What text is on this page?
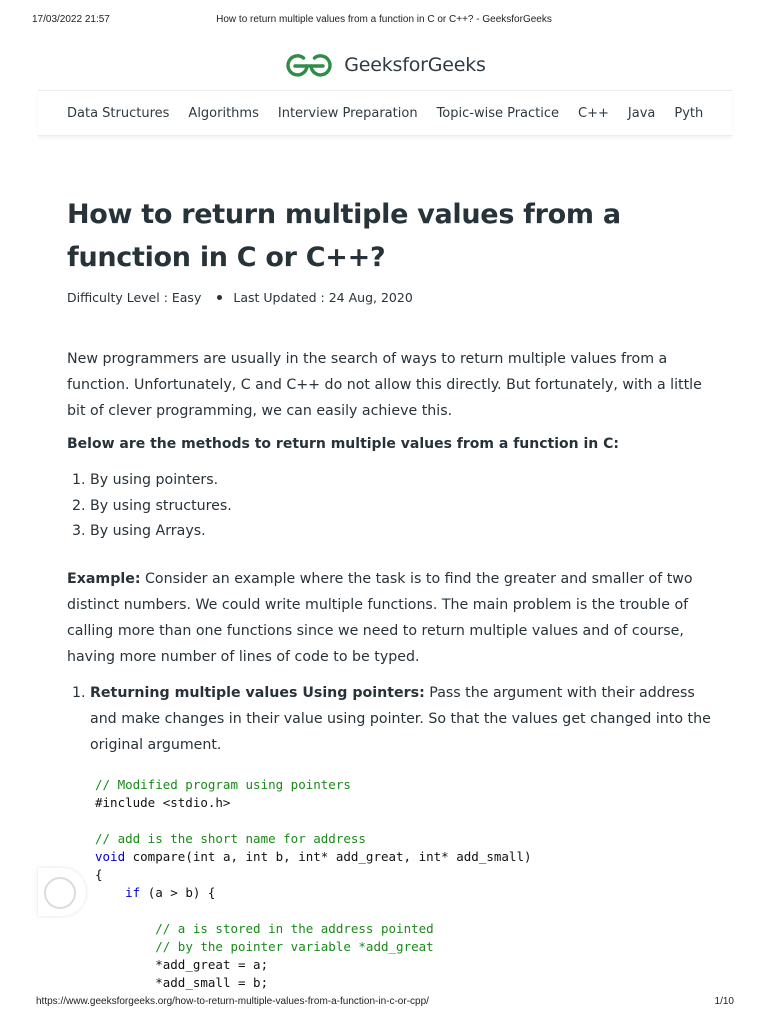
17/03/2022 21:57	How to return multiple values from a function in C or C++? - GeeksforGeeks
GeeksforGeeks
Data Structures Algorithms Interview Preparation Topic-wise Practice C++ Java Pyth
How to return multiple values from a function in C or C++?
Difficulty Level : Easy	Last Updated : 24 Aug, 2020
New programmers are usually in the search of ways to return multiple values from a function. Unfortunately, C and C++ do not allow this directly. But fortunately, with a little bit of clever programming, we can easily achieve this.
Below are the methods to return multiple values from a function in C:
1. By using pointers.
2. By using structures.
3. By using Arrays.
Example: Consider an example where the task is to find the greater and smaller of two distinct numbers. We could write multiple functions. The main problem is the trouble of calling more than one functions since we need to return multiple values and of course, having more number of lines of code to be typed.
1. Returning multiple values Using pointers: Pass the argument with their address and make changes in their value using pointer. So that the values get changed into the original argument.
// Modified program using pointers
#include <stdio.h>

// add is the short name for address
void compare(int a, int b, int* add_great, int* add_small)
{
if (a > b) {

// a is stored in the address pointed
// by the pointer variable *add_great
*add_great = a;
*add_small = b;
https://www.geeksforgeeks.org/how-to-return-multiple-values-from-a-function-in-c-or-cpp/	1/10
